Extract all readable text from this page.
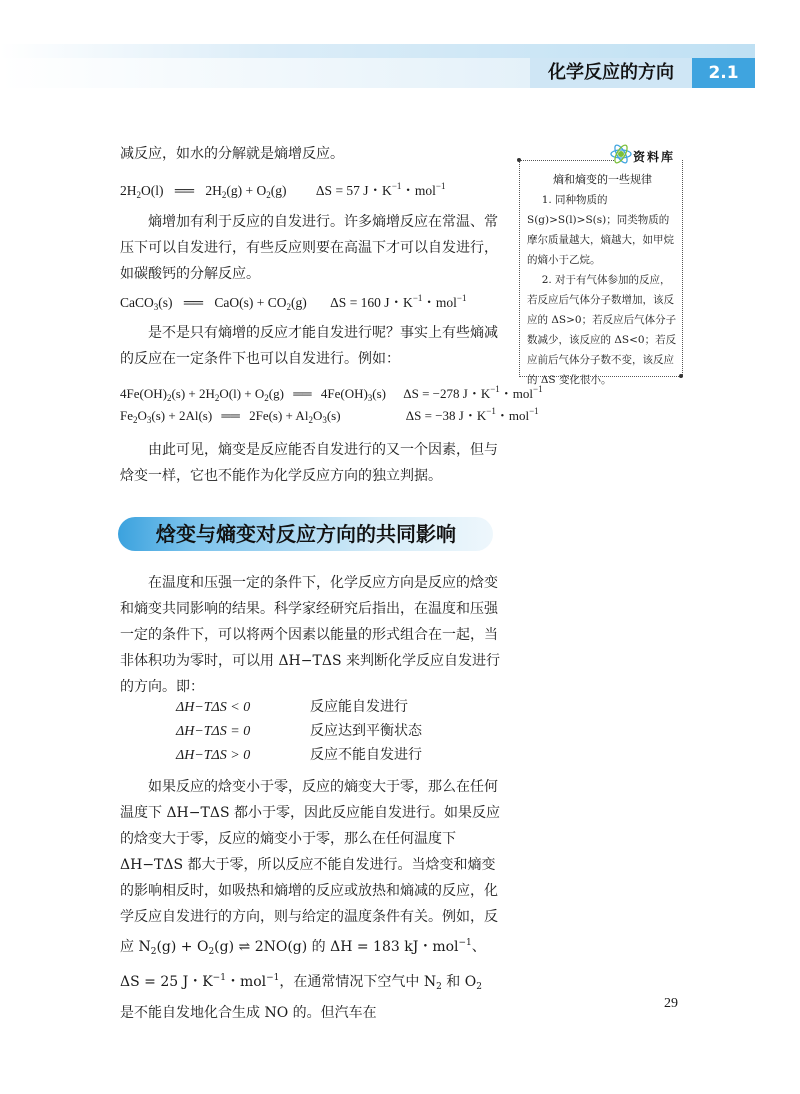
化学反应的方向	2.1

减反应，如水的分解就是熵增反应。

2H2O(l) ══ 2H2(g) + O2(g) ΔS = 57 J・K−1・mol−1

熵增加有利于反应的自发进行。许多熵增反应在常温、常压下可以自发进行，有些反应则要在高温下才可以自发进行，如碳酸钙的分解反应。

CaCO3(s) ══ CaO(s) + CO2(g) ΔS = 160 J・K−1・mol−1

是不是只有熵增的反应才能自发进行呢？事实上有些熵减的反应在一定条件下也可以自发进行。例如：

4Fe(OH)2(s) + 2H2O(l) + O2(g) ══ 4Fe(OH)3(s) ΔS = −278 J・K−1・mol−1
Fe2O3(s) + 2Al(s) ══ 2Fe(s) + Al2O3(s)	ΔS = −38 J・K−1・mol−1

由此可见，熵变是反应能否自发进行的又一个因素，但与焓变一样，它也不能作为化学反应方向的独立判据。

资料库
熵和熵变的一些规律

1. 同种物质的 S(g)>S(l)>S(s)；同类物质的摩尔质量越大，熵越大，如甲烷的熵小于乙烷。

2. 对于有气体参加的反应，若反应后气体分子数增加，该反应的 ΔS>0；若反应后气体分子数减少，该反应的 ΔS<0；若反应前后气体分子数不变，该反应的 ΔS 变化很小。

焓变与熵变对反应方向的共同影响

在温度和压强一定的条件下，化学反应方向是反应的焓变和熵变共同影响的结果。科学家经研究后指出，在温度和压强一定的条件下，可以将两个因素以能量的形式组合在一起，当非体积功为零时，可以用 ΔH−TΔS 来判断化学反应自发进行的方向。即：

ΔH−TΔS < 0	反应能自发进行
ΔH−TΔS = 0	反应达到平衡状态
ΔH−TΔS > 0	反应不能自发进行

如果反应的焓变小于零，反应的熵变大于零，那么在任何温度下 ΔH−TΔS 都小于零，因此反应能自发进行。如果反应的焓变大于零，反应的熵变小于零，那么在任何温度下 ΔH−TΔS 都大于零，所以反应不能自发进行。当焓变和熵变的影响相反时，如吸热和熵增的反应或放热和熵减的反应，化学反应自发进行的方向，则与给定的温度条件有关。例如，反应 $N_2(g) + O_2(g)$ ⇌ 2NO(g) 的 ΔH = 183 kJ・mol$^{-1}$、ΔS = 25 J・$K^{-1}$・mol$^{-1}$，在通常情况下空气中 $N_2$ 和 $O_2$ 是不能自发地化合生成 NO 的。但汽车在

29
